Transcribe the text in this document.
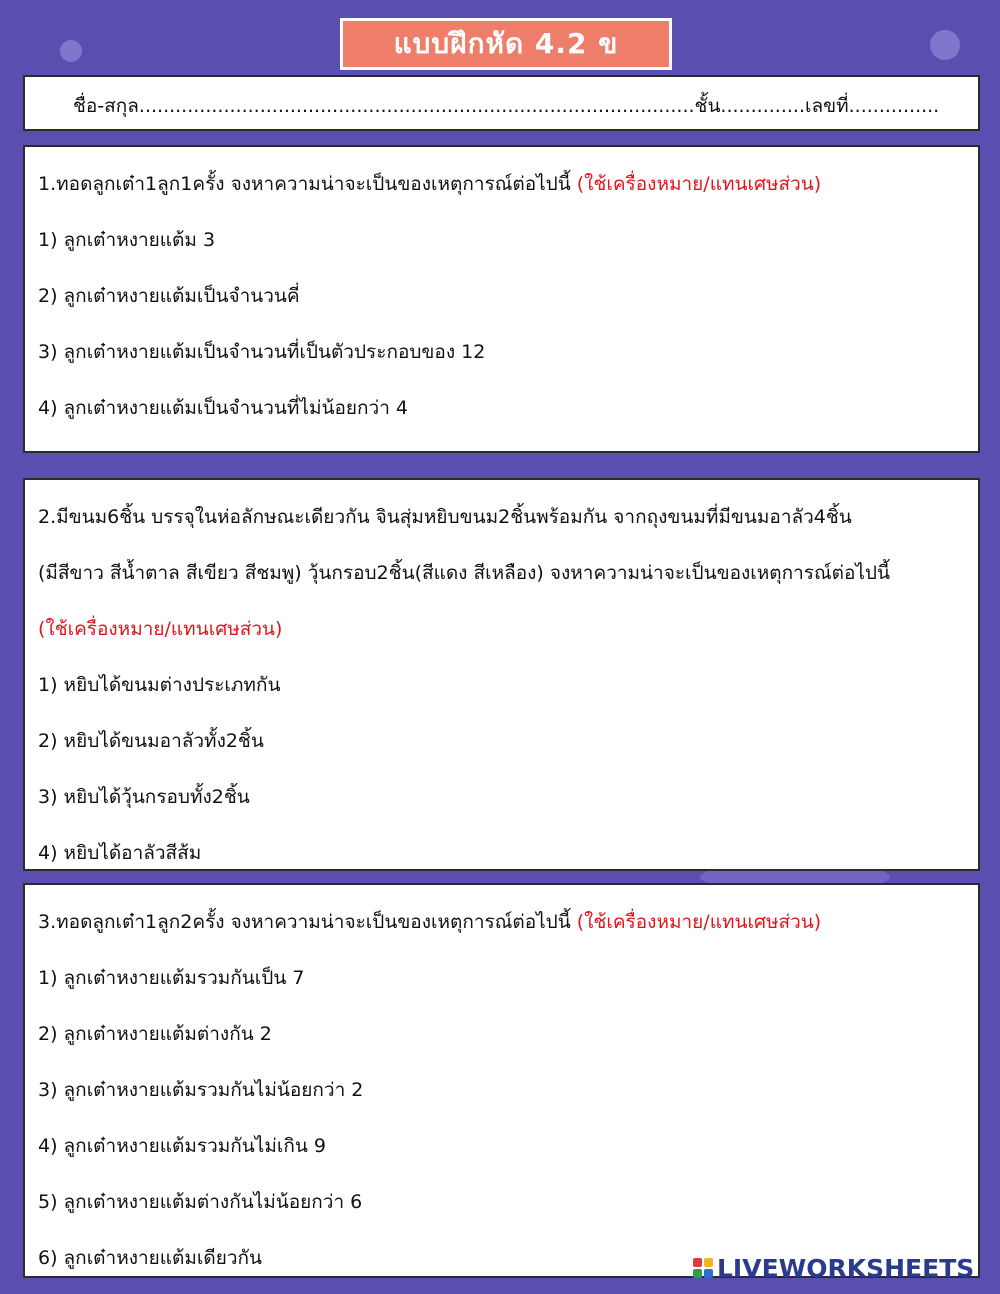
แบบฝึกหัด 4.2 ข
ชื่อ-สกุล............................................................................................ชั้น..............เลขที่...............
1.ทอดลูกเต๋า1ลูก1ครั้ง จงหาความน่าจะเป็นของเหตุการณ์ต่อไปนี้ (ใช้เครื่องหมาย/แทนเศษส่วน)
1) ลูกเต๋าหงายแต้ม 3
2) ลูกเต๋าหงายแต้มเป็นจำนวนคี่
3) ลูกเต๋าหงายแต้มเป็นจำนวนที่เป็นตัวประกอบของ 12
4) ลูกเต๋าหงายแต้มเป็นจำนวนที่ไม่น้อยกว่า 4
2.มีขนม6ชิ้น บรรจุในห่อลักษณะเดียวกัน จินสุ่มหยิบขนม2ชิ้นพร้อมกัน จากถุงขนมที่มีขนมอาลัว4ชิ้น
(มีสีขาว สีน้ำตาล สีเขียว สีชมพู) วุ้นกรอบ2ชิ้น(สีแดง สีเหลือง) จงหาความน่าจะเป็นของเหตุการณ์ต่อไปนี้
(ใช้เครื่องหมาย/แทนเศษส่วน)
1) หยิบได้ขนมต่างประเภทกัน
2) หยิบได้ขนมอาลัวทั้ง2ชิ้น
3) หยิบได้วุ้นกรอบทั้ง2ชิ้น
4) หยิบได้อาลัวสีส้ม
3.ทอดลูกเต๋า1ลูก2ครั้ง จงหาความน่าจะเป็นของเหตุการณ์ต่อไปนี้ (ใช้เครื่องหมาย/แทนเศษส่วน)
1) ลูกเต๋าหงายแต้มรวมกันเป็น 7
2) ลูกเต๋าหงายแต้มต่างกัน 2
3) ลูกเต๋าหงายแต้มรวมกันไม่น้อยกว่า 2
4) ลูกเต๋าหงายแต้มรวมกันไม่เกิน 9
5) ลูกเต๋าหงายแต้มต่างกันไม่น้อยกว่า 6
6) ลูกเต๋าหงายแต้มเดียวกัน	LIVEWORKSHEETS
